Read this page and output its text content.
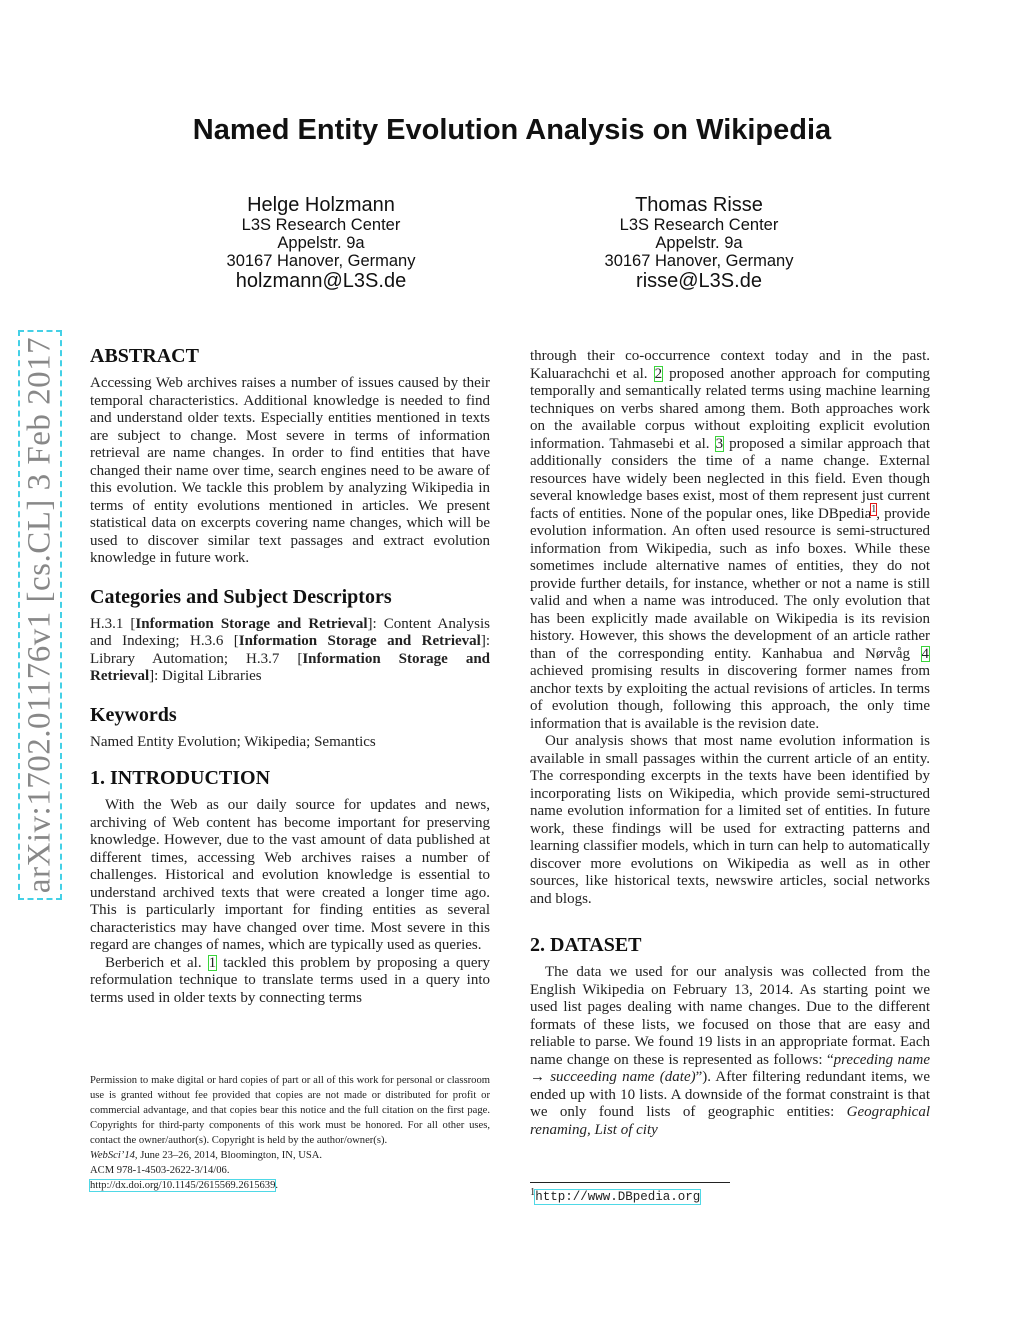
arXiv:1702.01176v1 [cs.CL] 3 Feb 2017
Named Entity Evolution Analysis on Wikipedia
Helge Holzmann
L3S Research Center
Appelstr. 9a
30167 Hanover, Germany
holzmann@L3S.de
Thomas Risse
L3S Research Center
Appelstr. 9a
30167 Hanover, Germany
risse@L3S.de
ABSTRACT

Accessing Web archives raises a number of issues caused by their temporal characteristics. Additional knowledge is needed to find and understand older texts. Especially entities mentioned in texts are subject to change. Most severe in terms of information retrieval are name changes. In order to find entities that have changed their name over time, search engines need to be aware of this evolution. We tackle this problem by analyzing Wikipedia in terms of entity evolutions mentioned in articles. We present statistical data on excerpts covering name changes, which will be used to discover similar text passages and extract evolution knowledge in future work.

Categories and Subject Descriptors

H.3.1 [Information Storage and Retrieval]: Content Analysis and Indexing; H.3.6 [Information Storage and Retrieval]: Library Automation; H.3.7 [Information Storage and Retrieval]: Digital Libraries

Keywords

Named Entity Evolution; Wikipedia; Semantics

1. INTRODUCTION

With the Web as our daily source for updates and news, archiving of Web content has become important for preserving knowledge. However, due to the vast amount of data published at different times, accessing Web archives raises a number of challenges. Historical and evolution knowledge is essential to understand archived texts that were created a longer time ago. This is particularly important for finding entities as several characteristics may have changed over time. Most severe in this regard are changes of names, which are typically used as queries.

Berberich et al. 1 tackled this problem by proposing a query reformulation technique to translate terms used in a query into terms used in older texts by connecting terms

through their co-occurrence context today and in the past. Kaluarachchi et al. 2 proposed another approach for computing temporally and semantically related terms using machine learning techniques on verbs shared among them. Both approaches work on the available corpus without exploiting explicit evolution information. Tahmasebi et al. 3 proposed a similar approach that additionally considers the time of a name change. External resources have widely been neglected in this field. Even though several knowledge bases exist, most of them represent just current facts of entities. None of the popular ones, like DBpedia$^1$, provide evolution information. An often used resource is semi-structured information from Wikipedia, such as info boxes. While these sometimes include alternative names of entities, they do not provide further details, for instance, whether or not a name is still valid and when a name was introduced. The only evolution that has been explicitly made available on Wikipedia is its revision history. However, this shows the development of an article rather than of the corresponding entity. Kanhabua and Nørvåg 4 achieved promising results in discovering former names from anchor texts by exploiting the actual revisions of articles. In terms of evolution though, following this approach, the only time information that is available is the revision date.

Our analysis shows that most name evolution information is available in small passages within the current article of an entity. The corresponding excerpts in the texts have been identified by incorporating lists on Wikipedia, which provide semi-structured name evolution information for a limited set of entities. In future work, these findings will be used for extracting patterns and learning classifier models, which in turn can help to automatically discover more evolutions on Wikipedia as well as in other sources, like historical texts, newswire articles, social networks and blogs.

2. DATASET

The data we used for our analysis was collected from the English Wikipedia on February 13, 2014. As starting point we used list pages dealing with name changes. Due to the different formats of these lists, we focused on those that are easy and reliable to parse. We found 19 lists in an appropriate format. Each name change on these is represented as follows: “preceding name → succeeding name (date)”). After filtering redundant items, we ended up with 10 lists. A downside of the format constraint is that we only found lists of geographic entities: Geographical renaming, List of city

Permission to make digital or hard copies of part or all of this work for personal or classroom use is granted without fee provided that copies are not made or distributed for profit or commercial advantage, and that copies bear this notice and the full citation on the first page. Copyrights for third-party components of this work must be honored. For all other uses, contact the owner/author(s). Copyright is held by the author/owner(s).
WebSci’14, June 23–26, 2014, Bloomington, IN, USA.
ACM 978-1-4503-2622-3/14/06.
http://dx.doi.org/10.1145/2615569.2615639.
$^1$http://www.DBpedia.org
